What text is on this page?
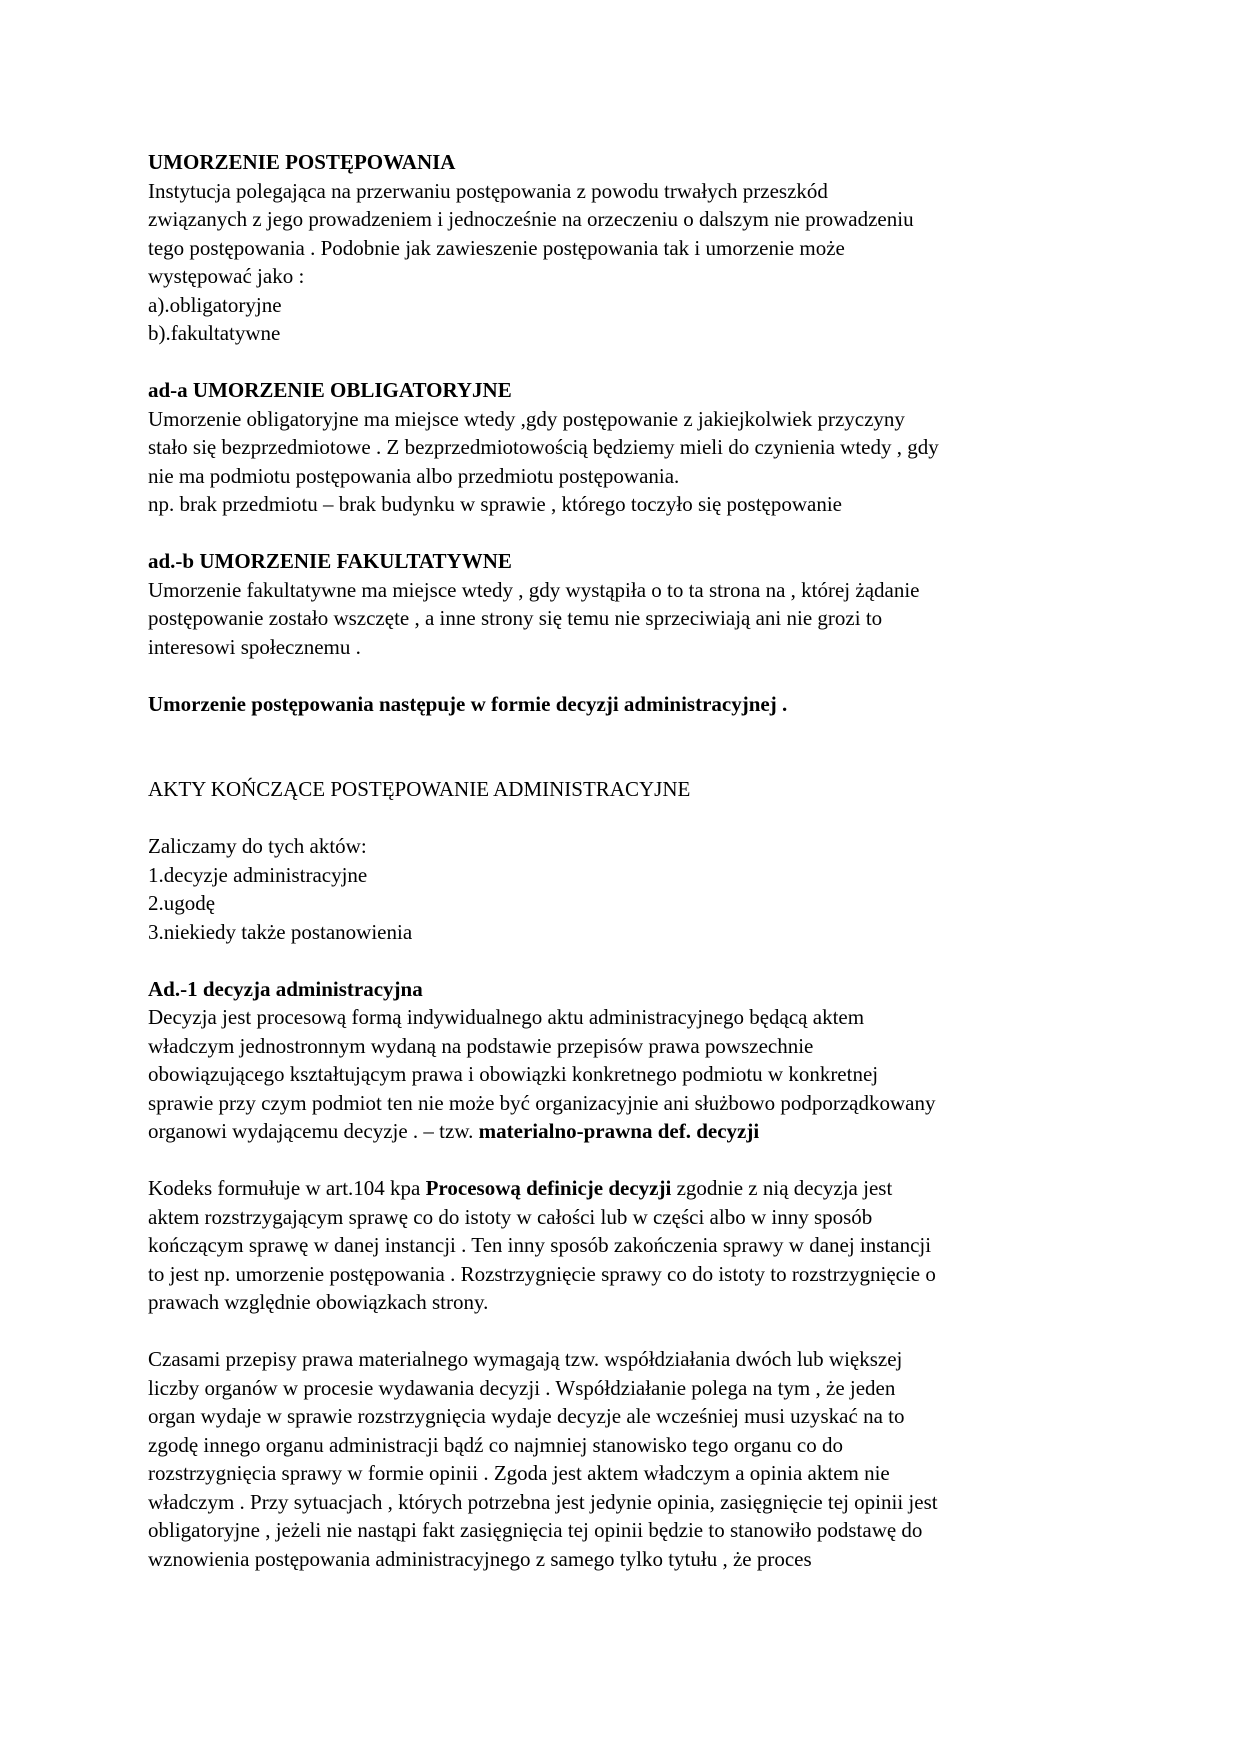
UMORZENIE POSTĘPOWANIA
Instytucja polegająca na przerwaniu postępowania z powodu trwałych przeszkód
związanych z jego prowadzeniem i jednocześnie na orzeczeniu o dalszym nie prowadzeniu
tego postępowania . Podobnie jak zawieszenie postępowania tak i umorzenie może
występować jako :
a).obligatoryjne
b).fakultatywne
ad-a UMORZENIE OBLIGATORYJNE
Umorzenie obligatoryjne ma miejsce wtedy ,gdy postępowanie z jakiejkolwiek przyczyny
stało się bezprzedmiotowe . Z bezprzedmiotowością będziemy mieli do czynienia wtedy , gdy
nie ma podmiotu postępowania albo przedmiotu postępowania.
np. brak przedmiotu – brak budynku w sprawie , którego toczyło się postępowanie
ad.-b UMORZENIE FAKULTATYWNE
Umorzenie fakultatywne ma miejsce wtedy , gdy wystąpiła o to ta strona na , której żądanie
postępowanie zostało wszczęte , a inne strony się temu nie sprzeciwiają ani nie grozi to
interesowi społecznemu .
Umorzenie postępowania następuje w formie decyzji administracyjnej .
AKTY KOŃCZĄCE POSTĘPOWANIE ADMINISTRACYJNE
Zaliczamy do tych aktów:
1.decyzje administracyjne
2.ugodę
3.niekiedy także postanowienia
Ad.-1 decyzja administracyjna
Decyzja jest procesową formą indywidualnego aktu administracyjnego będącą aktem
władczym jednostronnym wydaną na podstawie przepisów prawa powszechnie
obowiązującego kształtującym prawa i obowiązki konkretnego podmiotu w konkretnej
sprawie przy czym podmiot ten nie może być organizacyjnie ani służbowo podporządkowany
organowi wydającemu decyzje . – tzw. materialno-prawna def. decyzji
Kodeks formułuje w art.104 kpa Procesową definicje decyzji zgodnie z nią decyzja jest
aktem rozstrzygającym sprawę co do istoty w całości lub w części albo w inny sposób
kończącym sprawę w danej instancji . Ten inny sposób zakończenia sprawy w danej instancji
to jest np. umorzenie postępowania . Rozstrzygnięcie sprawy co do istoty to rozstrzygnięcie o
prawach względnie obowiązkach strony.
Czasami przepisy prawa materialnego wymagają tzw. współdziałania dwóch lub większej
liczby organów w procesie wydawania decyzji . Współdziałanie polega na tym , że jeden
organ wydaje w sprawie rozstrzygnięcia wydaje decyzje ale wcześniej musi uzyskać na to
zgodę innego organu administracji bądź co najmniej stanowisko tego organu co do
rozstrzygnięcia sprawy w formie opinii . Zgoda jest aktem władczym a opinia aktem nie
władczym . Przy sytuacjach , których potrzebna jest jedynie opinia, zasięgnięcie tej opinii jest
obligatoryjne , jeżeli nie nastąpi fakt zasięgnięcia tej opinii będzie to stanowiło podstawę do
wznowienia postępowania administracyjnego z samego tylko tytułu , że proces
